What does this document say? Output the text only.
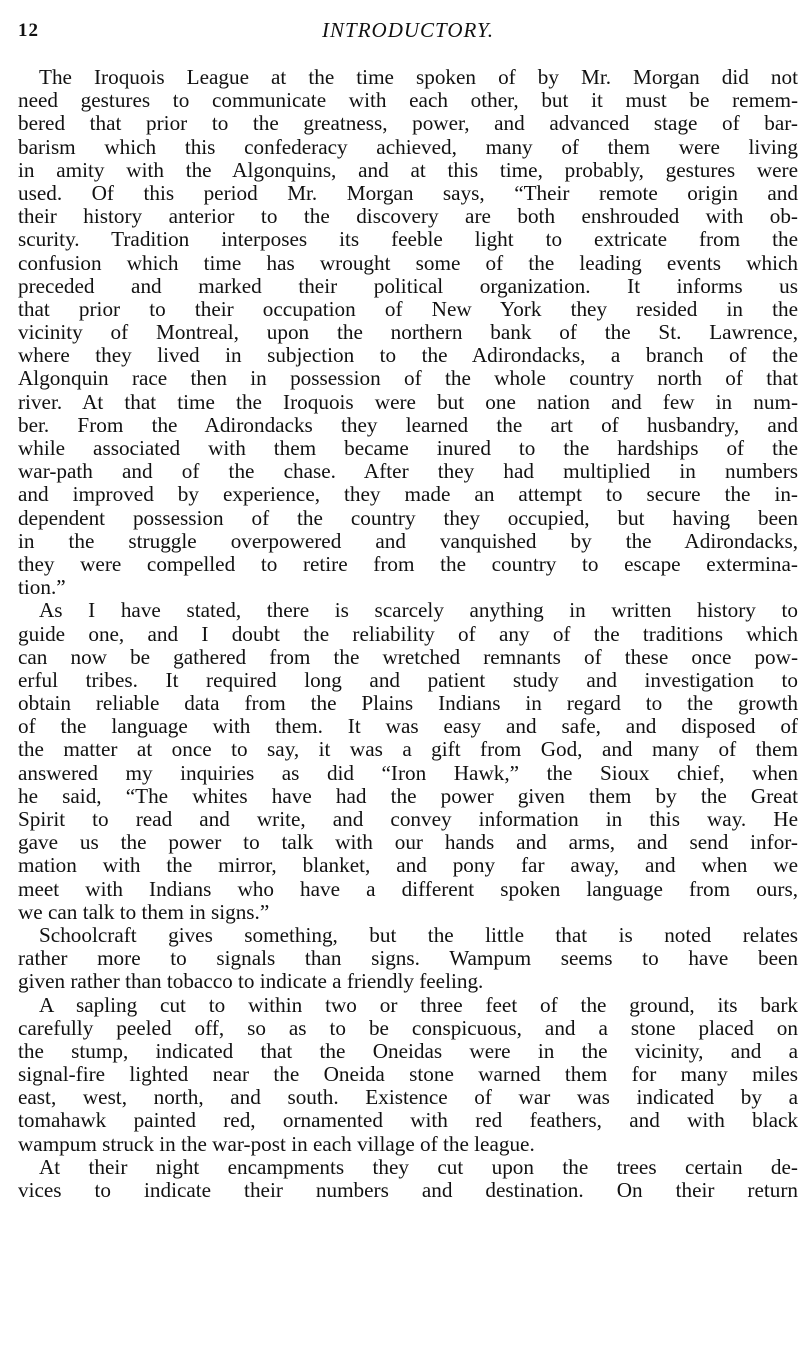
12	INTRODUCTORY.
The Iroquois League at the time spoken of by Mr. Morgan did not
need gestures to communicate with each other, but it must be remem-
bered that prior to the greatness, power, and advanced stage of bar-
barism which this confederacy achieved, many of them were living
in amity with the Algonquins, and at this time, probably, gestures were
used. Of this period Mr. Morgan says, “Their remote origin and
their history anterior to the discovery are both enshrouded with ob-
scurity. Tradition interposes its feeble light to extricate from the
confusion which time has wrought some of the leading events which
preceded and marked their political organization. It informs us
that prior to their occupation of New York they resided in the
vicinity of Montreal, upon the northern bank of the St. Lawrence,
where they lived in subjection to the Adirondacks, a branch of the
Algonquin race then in possession of the whole country north of that
river. At that time the Iroquois were but one nation and few in num-
ber. From the Adirondacks they learned the art of husbandry, and
while associated with them became inured to the hardships of the
war-path and of the chase. After they had multiplied in numbers
and improved by experience, they made an attempt to secure the in-
dependent possession of the country they occupied, but having been
in the struggle overpowered and vanquished by the Adirondacks,
they were compelled to retire from the country to escape extermina-
tion.”
As I have stated, there is scarcely anything in written history to
guide one, and I doubt the reliability of any of the traditions which
can now be gathered from the wretched remnants of these once pow-
erful tribes. It required long and patient study and investigation to
obtain reliable data from the Plains Indians in regard to the growth
of the language with them. It was easy and safe, and disposed of
the matter at once to say, it was a gift from God, and many of them
answered my inquiries as did “Iron Hawk,” the Sioux chief, when
he said, “The whites have had the power given them by the Great
Spirit to read and write, and convey information in this way. He
gave us the power to talk with our hands and arms, and send infor-
mation with the mirror, blanket, and pony far away, and when we
meet with Indians who have a different spoken language from ours,
we can talk to them in signs.”
Schoolcraft gives something, but the little that is noted relates
rather more to signals than signs. Wampum seems to have been
given rather than tobacco to indicate a friendly feeling.
A sapling cut to within two or three feet of the ground, its bark
carefully peeled off, so as to be conspicuous, and a stone placed on
the stump, indicated that the Oneidas were in the vicinity, and a
signal-fire lighted near the Oneida stone warned them for many miles
east, west, north, and south. Existence of war was indicated by a
tomahawk painted red, ornamented with red feathers, and with black
wampum struck in the war-post in each village of the league.
At their night encampments they cut upon the trees certain de-
vices to indicate their numbers and destination. On their return
